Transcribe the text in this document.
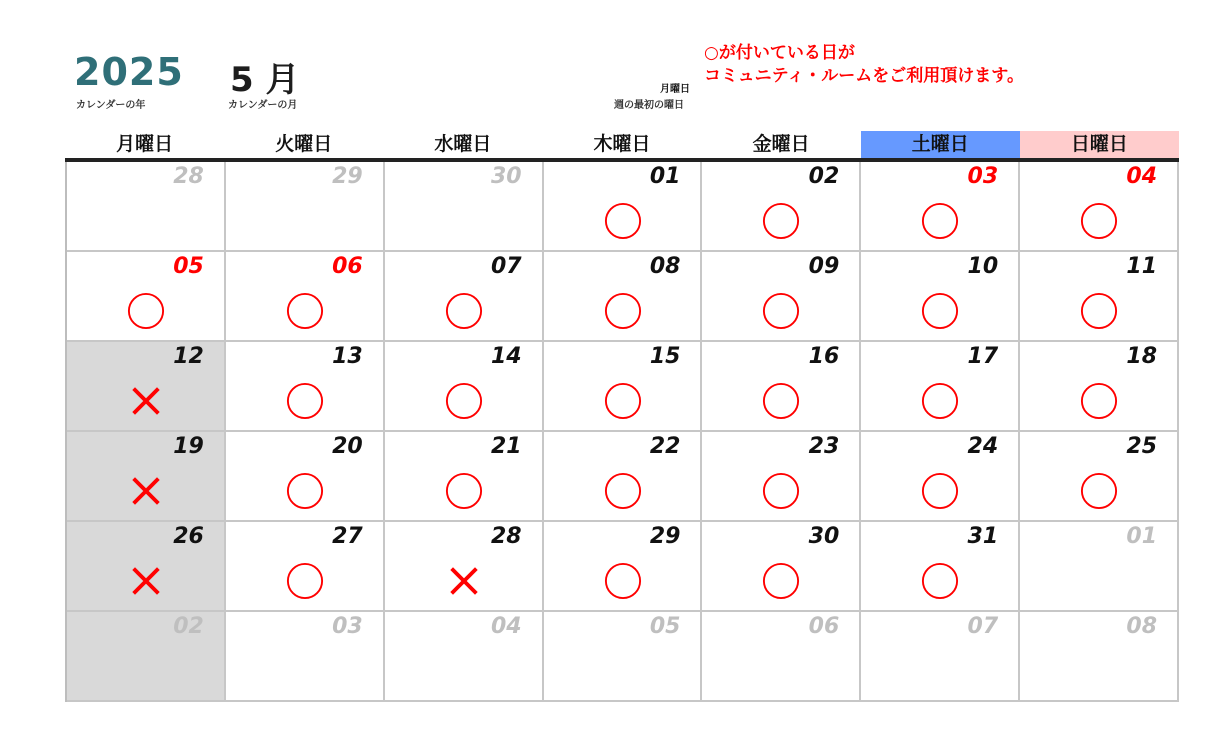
2025
カレンダーの年
5 月
カレンダーの月
月曜日
週の最初の曜日
○が付いている日が
コミュニティ・ルームをご利用頂けます。
月曜日	火曜日	水曜日	木曜日	金曜日	土曜日	日曜日
28	29	30	01	02	03	04
05	06	07	08	09	10	11
12	13	14	15	16	17	18
19	20	21	22	23	24	25
26	27	28	29	30	31	01
02	03	04	05	06	07	08
